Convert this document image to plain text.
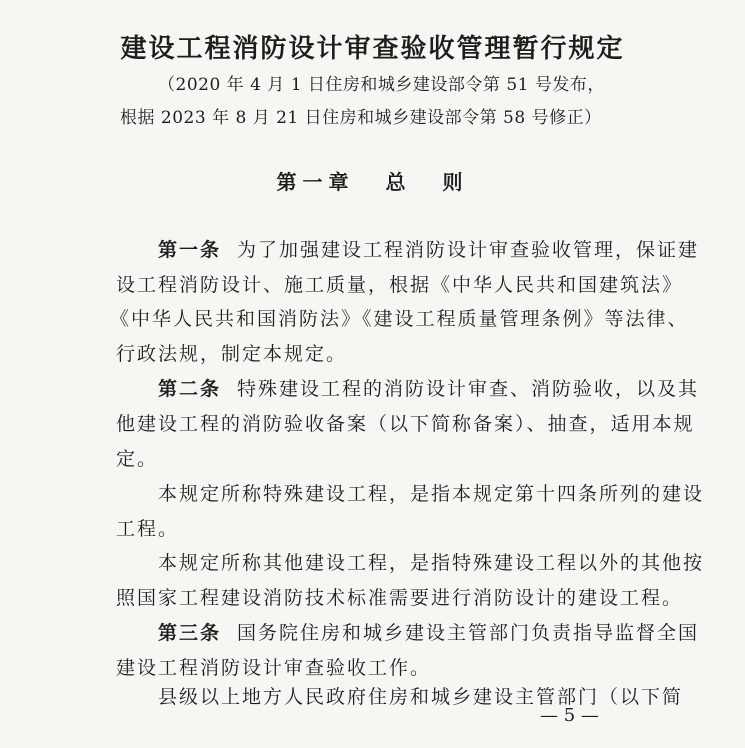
建设工程消防设计审查验收管理暂行规定
（2020 年 4 月 1 日住房和城乡建设部令第 51 号发布，
根据 2023 年 8 月 21 日住房和城乡建设部令第 58 号修正）
第一章 总 则
第一条 为了加强建设工程消防设计审查验收管理，保证建
设工程消防设计、施工质量，根据《中华人民共和国建筑法》
《中华人民共和国消防法》《建设工程质量管理条例》等法律、
行政法规，制定本规定。
第二条 特殊建设工程的消防设计审查、消防验收，以及其
他建设工程的消防验收备案（以下简称备案）、抽查，适用本规
定。
本规定所称特殊建设工程，是指本规定第十四条所列的建设
工程。
本规定所称其他建设工程，是指特殊建设工程以外的其他按
照国家工程建设消防技术标准需要进行消防设计的建设工程。
第三条 国务院住房和城乡建设主管部门负责指导监督全国
建设工程消防设计审查验收工作。
县级以上地方人民政府住房和城乡建设主管部门（以下简
— 5 —
